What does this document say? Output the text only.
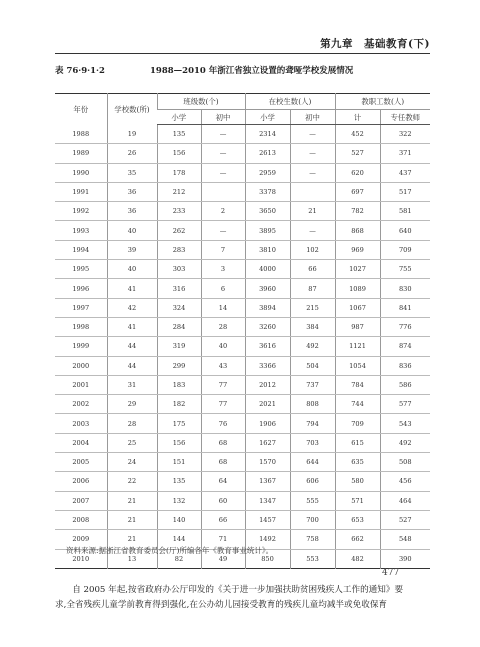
第九章　基础教育(下)
表 76·9·1·2	1988—2010 年浙江省独立设置的聋哑学校发展情况
年份	学校数(所)	班级数(个)		在校生数(人)		教职工数(人)	
		小学	初中	小学	初中	计	专任教师
1988	19	135	—	2314	—	452	322
1989	26	156	—	2613	—	527	371
1990	35	178	—	2959	—	620	437
1991	36	212		3378		697	517
1992	36	233	2	3650	21	782	581
1993	40	262	—	3895	—	868	640
1994	39	283	7	3810	102	969	709
1995	40	303	3	4000	66	1027	755
1996	41	316	6	3960	87	1089	830
1997	42	324	14	3894	215	1067	841
1998	41	284	28	3260	384	987	776
1999	44	319	40	3616	492	1121	874
2000	44	299	43	3366	504	1054	836
2001	31	183	77	2012	737	784	586
2002	29	182	77	2021	808	744	577
2003	28	175	76	1906	794	709	543
2004	25	156	68	1627	703	615	492
2005	24	151	68	1570	644	635	508
2006	22	135	64	1367	606	580	456
2007	21	132	60	1347	555	571	464
2008	21	140	66	1457	700	653	527
2009	21	144	71	1492	758	662	548
2010	13	82	49	850	553	482	390
资料来源:据浙江省教育委员会(厅)所编各年《教育事业统计》。
477

　　自 2005 年起,按省政府办公厅印发的《关于进一步加强扶助贫困残疾人工作的通知》要

求,全省残疾儿童学前教育得到强化,在公办幼儿园接受教育的残疾儿童均减半或免收保育
